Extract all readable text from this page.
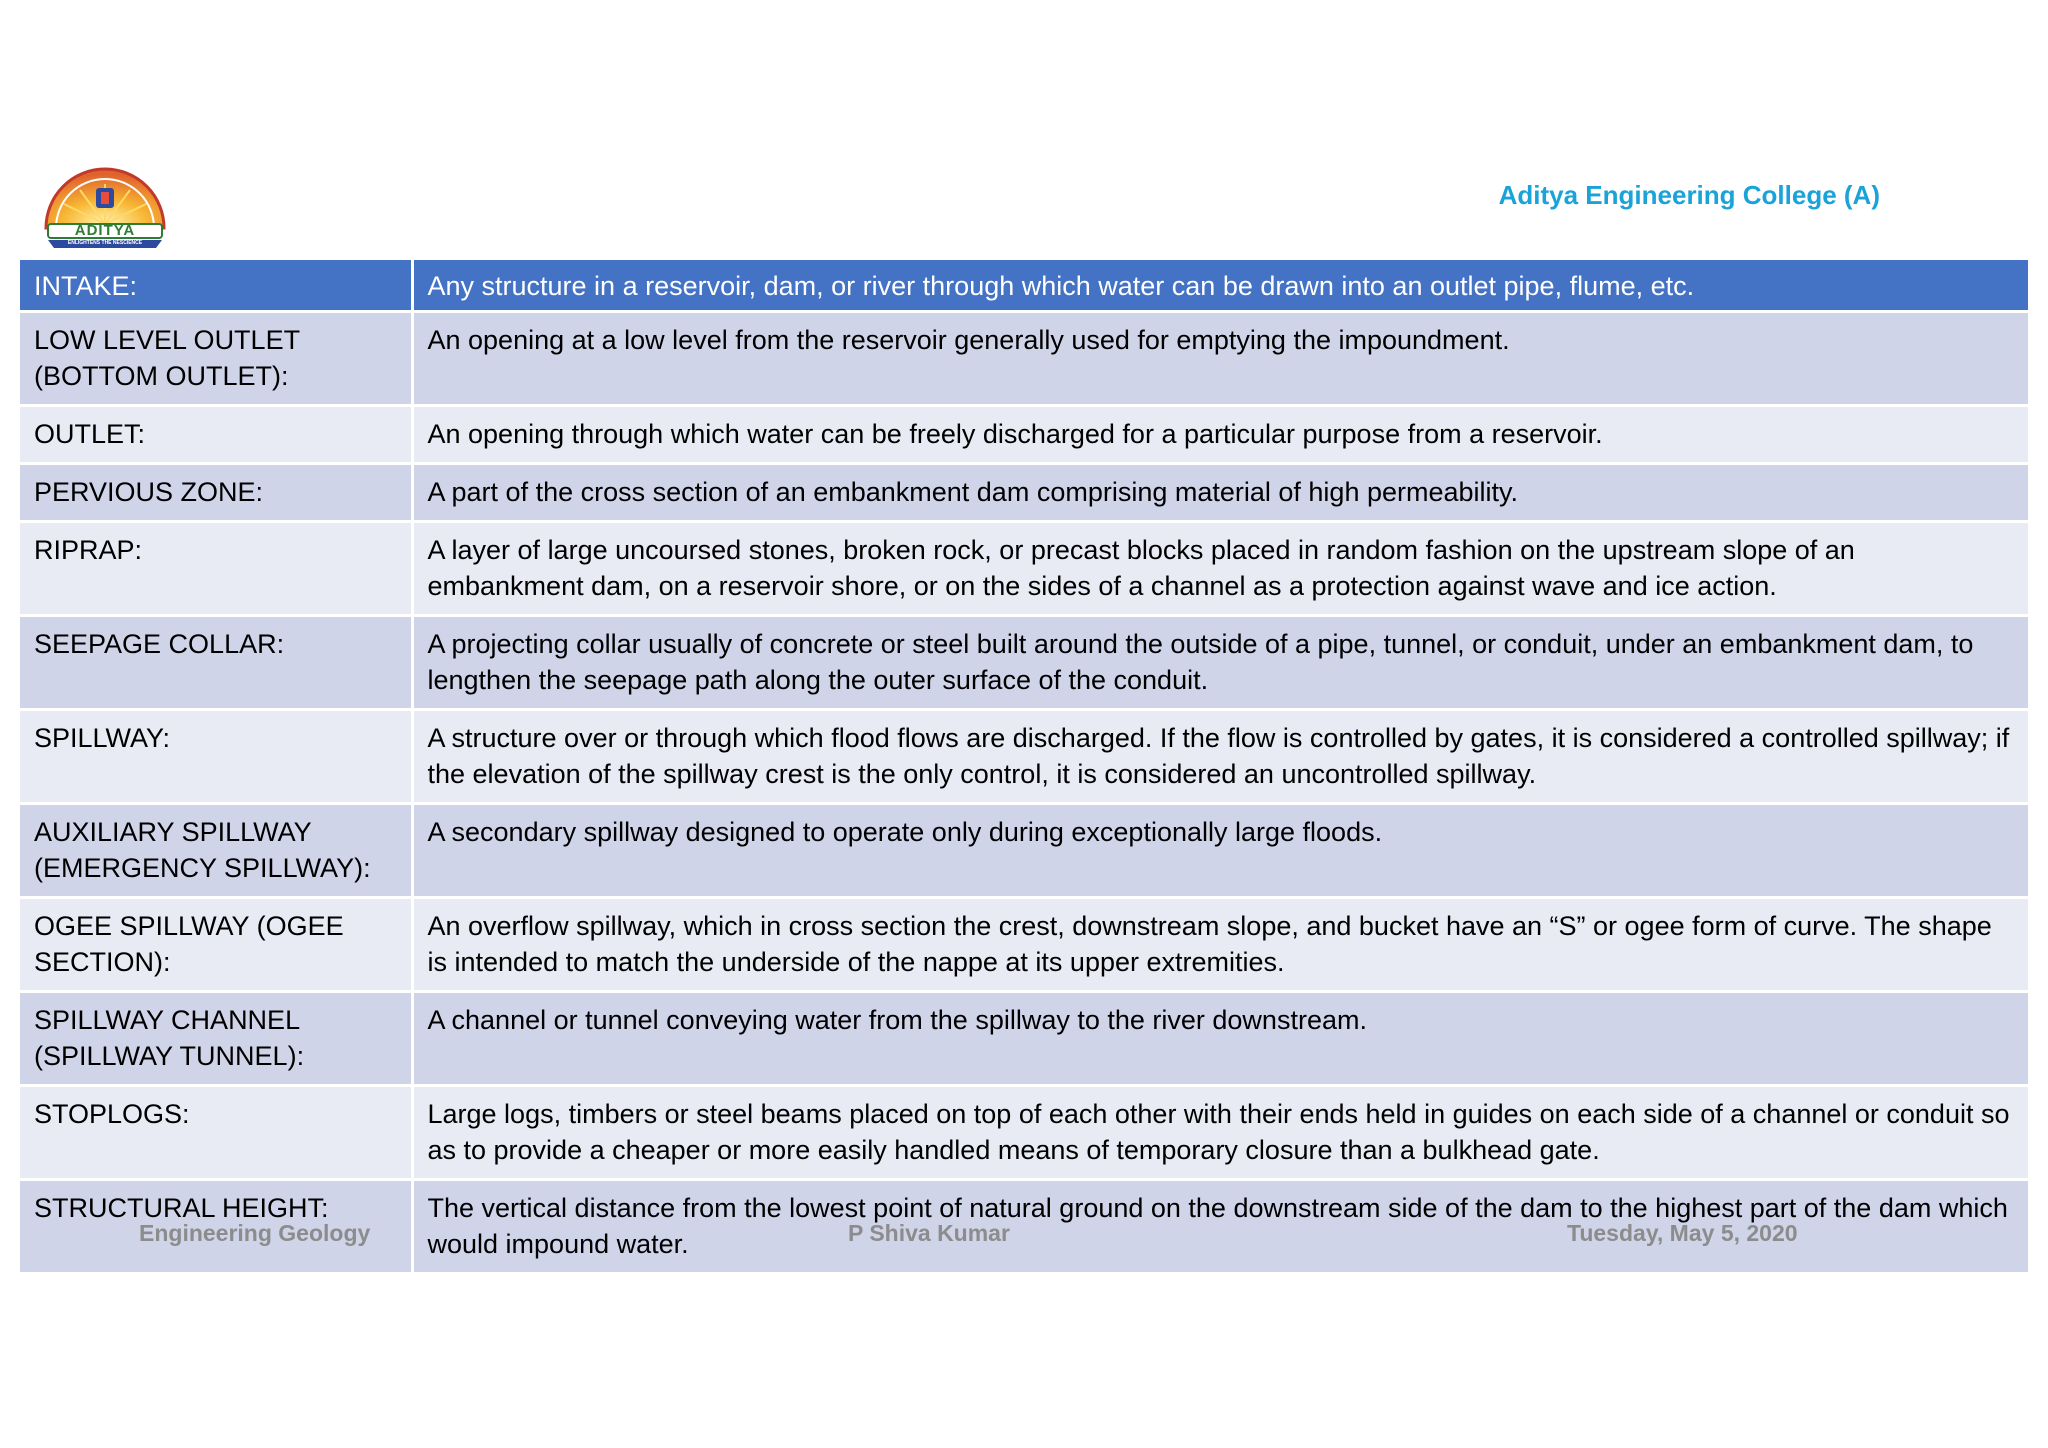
ADITYA
ENLIGHTENS THE NESCIENCE
Aditya Engineering College (A)
INTAKE:	Any structure in a reservoir, dam, or river through which water can be drawn into an outlet pipe, flume, etc.
LOW LEVEL OUTLET (BOTTOM OUTLET):	An opening at a low level from the reservoir generally used for emptying the impoundment.
OUTLET:	An opening through which water can be freely discharged for a particular purpose from a reservoir.
PERVIOUS ZONE:	A part of the cross section of an embankment dam comprising material of high permeability.
RIPRAP:	A layer of large uncoursed stones, broken rock, or precast blocks placed in random fashion on the upstream slope of an embankment dam, on a reservoir shore, or on the sides of a channel as a protection against wave and ice action.
SEEPAGE COLLAR:	A projecting collar usually of concrete or steel built around the outside of a pipe, tunnel, or conduit, under an embankment dam, to lengthen the seepage path along the outer surface of the conduit.
SPILLWAY:	A structure over or through which flood flows are discharged. If the flow is controlled by gates, it is considered a controlled spillway; if the elevation of the spillway crest is the only control, it is considered an uncontrolled spillway.
AUXILIARY SPILLWAY (EMERGENCY SPILLWAY):	A secondary spillway designed to operate only during exceptionally large floods.
OGEE SPILLWAY (OGEE SECTION):	An overflow spillway, which in cross section the crest, downstream slope, and bucket have an “S” or ogee form of curve. The shape is intended to match the underside of the nappe at its upper extremities.
SPILLWAY CHANNEL (SPILLWAY TUNNEL):	A channel or tunnel conveying water from the spillway to the river downstream.
STOPLOGS:	Large logs, timbers or steel beams placed on top of each other with their ends held in guides on each side of a channel or conduit so as to provide a cheaper or more easily handled means of temporary closure than a bulkhead gate.
STRUCTURAL HEIGHT:	The vertical distance from the lowest point of natural ground on the downstream side of the dam to the highest part of the dam which would impound water.
Engineering Geology	P Shiva Kumar	Tuesday, May 5, 2020
